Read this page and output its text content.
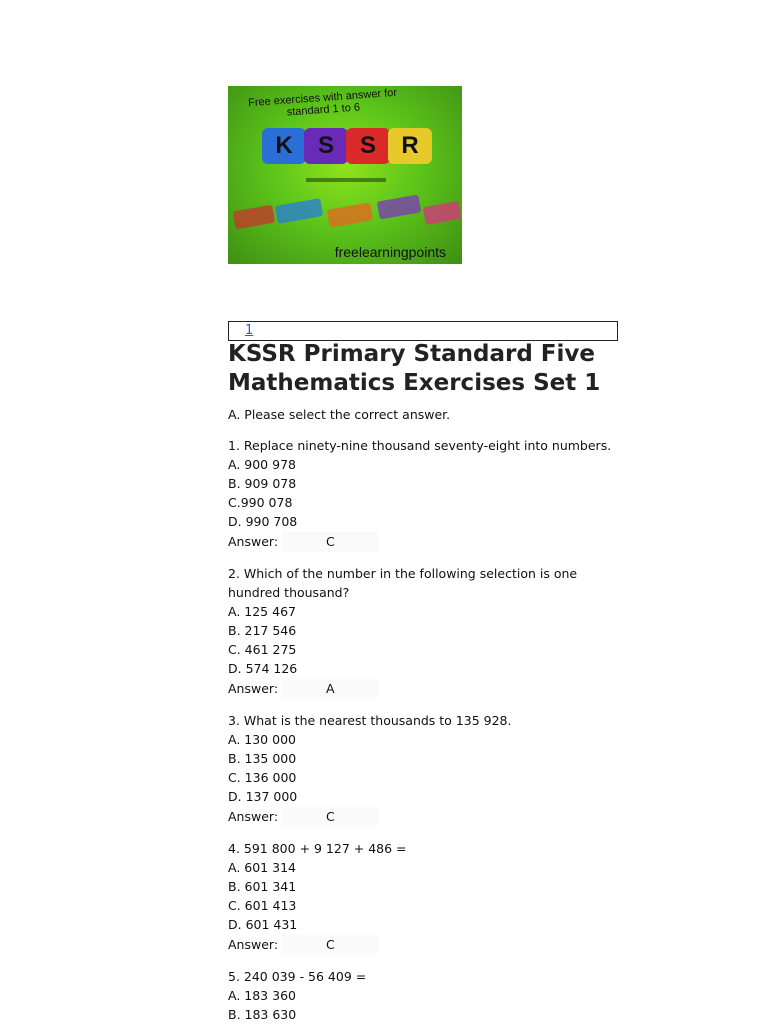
Free exercises with answer for standard 1 to 6
K	S	S	R
freelearningpoints
1
KSSR Primary Standard Five Mathematics Exercises Set 1
A. Please select the correct answer.
1. Replace ninety-nine thousand seventy-eight into numbers.
A. 900 978
B. 909 078
C.990 078
D. 990 708
Answer:	C
2. Which of the number in the following selection is one hundred thousand?
A. 125 467
B. 217 546
C. 461 275
D. 574 126
Answer:	A
3. What is the nearest thousands to 135 928.
A. 130 000
B. 135 000
C. 136 000
D. 137 000
Answer:	C
4. 591 800 + 9 127 + 486 =
A. 601 314
B. 601 341
C. 601 413
D. 601 431
Answer:	C
5. 240 039 - 56 409 =
A. 183 360
B. 183 630
